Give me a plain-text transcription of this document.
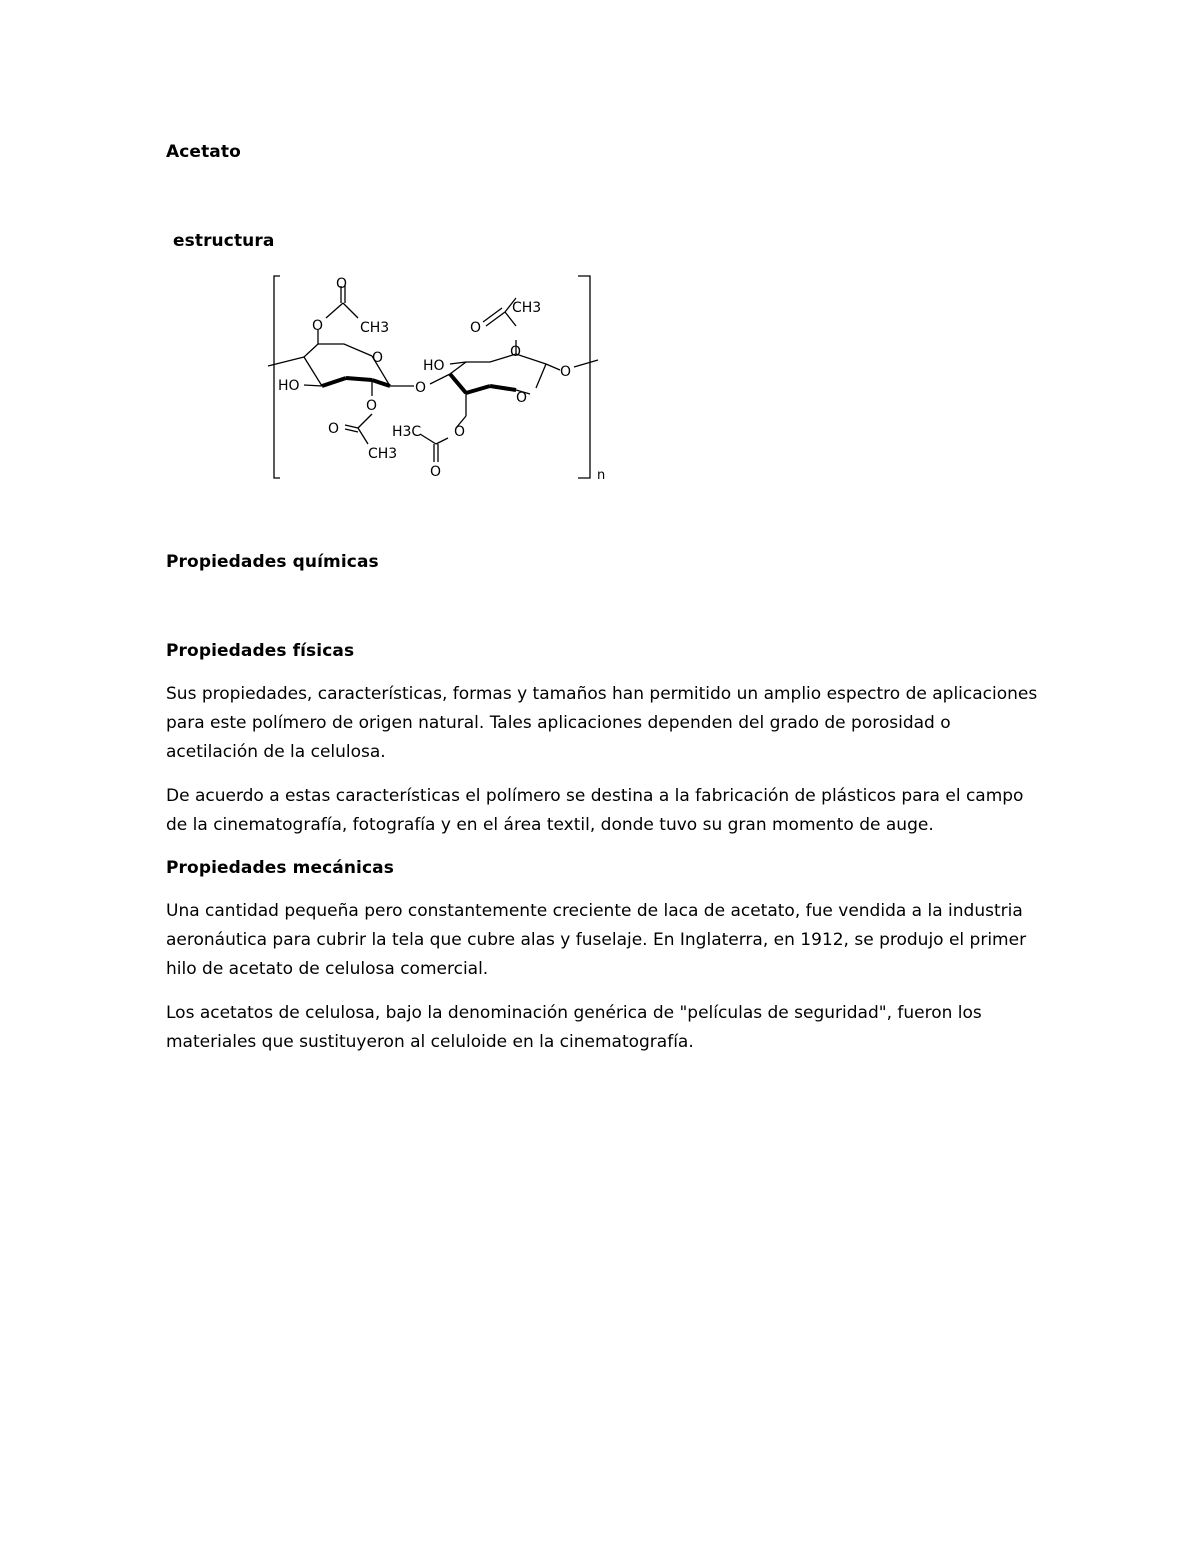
Acetato
estructura
O
O	CH3
O
HO	O
O
O
CH3
CH3
O
O
HO
O
O
O
H3C
O	n
Propiedades químicas
Propiedades físicas

Sus propiedades, características, formas y tamaños han permitido un amplio espectro de aplicaciones para este polímero de origen natural. Tales aplicaciones dependen del grado de porosidad o acetilación de la celulosa.

De acuerdo a estas características el polímero se destina a la fabricación de plásticos para el campo de la cinematografía, fotografía y en el área textil, donde tuvo su gran momento de auge.

Propiedades mecánicas

Una cantidad pequeña pero constantemente creciente de laca de acetato, fue vendida a la industria aeronáutica para cubrir la tela que cubre alas y fuselaje. En Inglaterra, en 1912, se produjo el primer hilo de acetato de celulosa comercial.

Los acetatos de celulosa, bajo la denominación genérica de "películas de seguridad", fueron los materiales que sustituyeron al celuloide en la cinematografía.
